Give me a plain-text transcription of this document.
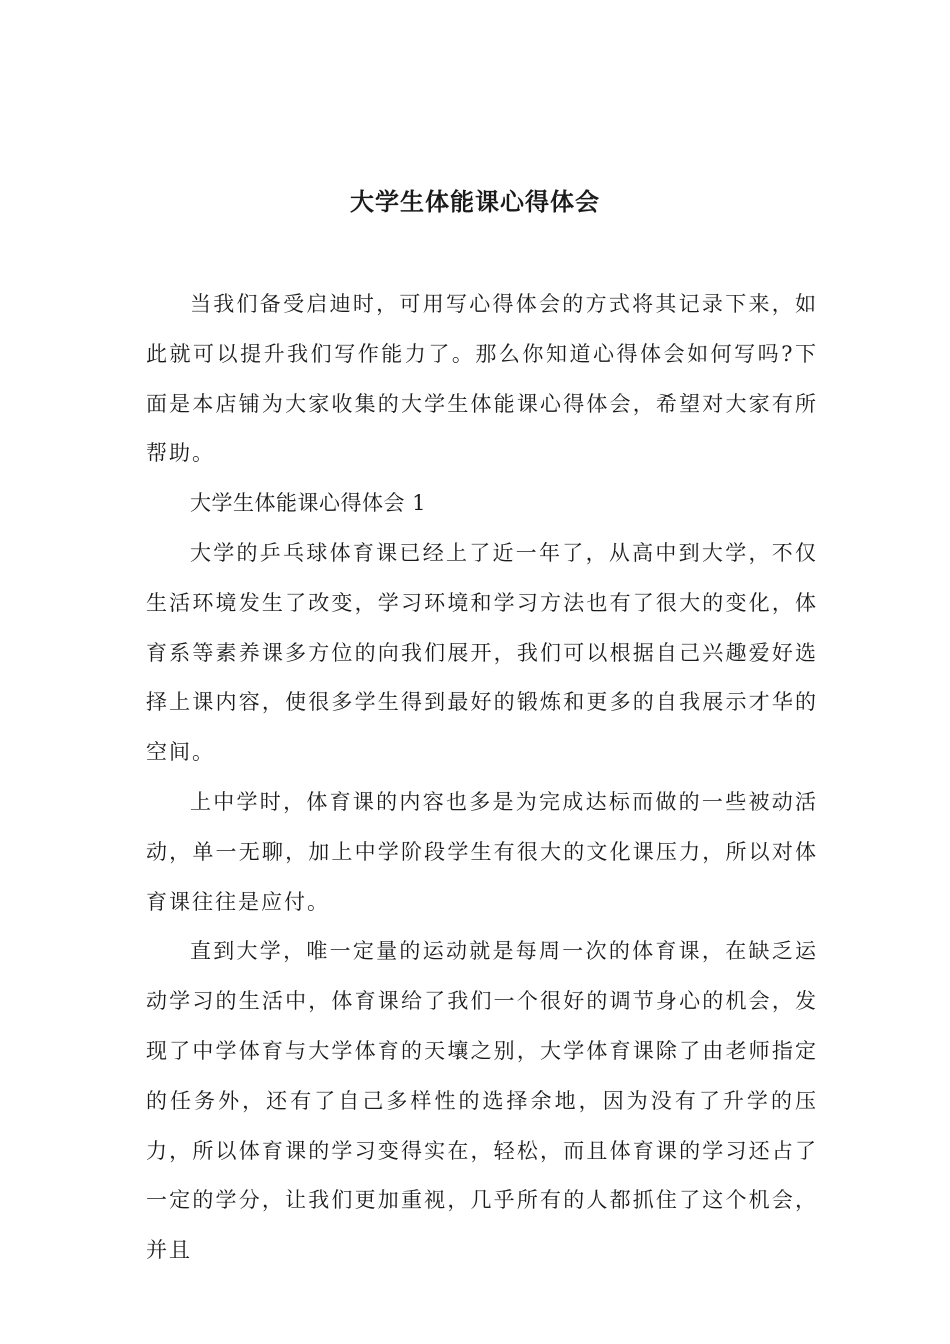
大学生体能课心得体会

当我们备受启迪时，可用写心得体会的方式将其记录下来，如此就可以提升我们写作能力了。那么你知道心得体会如何写吗?下面是本店铺为大家收集的大学生体能课心得体会，希望对大家有所帮助。

大学生体能课心得体会 1

大学的乒乓球体育课已经上了近一年了，从高中到大学，不仅生活环境发生了改变，学习环境和学习方法也有了很大的变化，体育系等素养课多方位的向我们展开，我们可以根据自己兴趣爱好选择上课内容，使很多学生得到最好的锻炼和更多的自我展示才华的空间。

上中学时，体育课的内容也多是为完成达标而做的一些被动活动，单一无聊，加上中学阶段学生有很大的文化课压力，所以对体育课往往是应付。

直到大学，唯一定量的运动就是每周一次的体育课，在缺乏运动学习的生活中，体育课给了我们一个很好的调节身心的机会，发现了中学体育与大学体育的天壤之别，大学体育课除了由老师指定的任务外，还有了自己多样性的选择余地，因为没有了升学的压力，所以体育课的学习变得实在，轻松，而且体育课的学习还占了一定的学分，让我们更加重视，几乎所有的人都抓住了这个机会，并且
